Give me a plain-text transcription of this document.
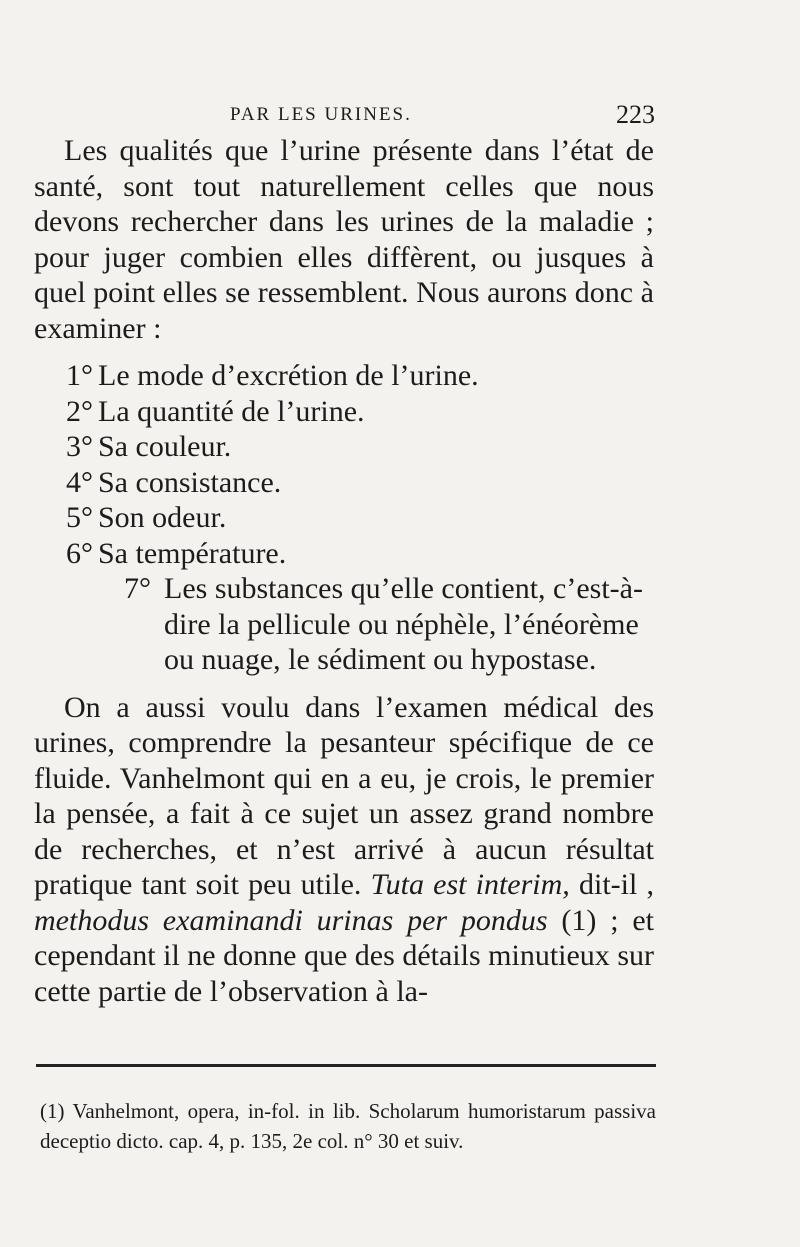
PAR LES URINES.	223

Les qualités que l’urine présente dans l’état de santé, sont tout naturellement celles que nous devons rechercher dans les urines de la maladie ; pour juger combien elles diffèrent, ou jusques à quel point elles se ressemblent. Nous aurons donc à examiner :

1° Le mode d’excrétion de l’urine.
2° La quantité de l’urine.
3° Sa couleur.
4° Sa consistance.
5° Son odeur.
6° Sa température.
7° Les substances qu’elle contient, c’est-à-dire la pellicule ou néphèle, l’énéorème ou nuage, le sédiment ou hypostase.

On a aussi voulu dans l’examen médical des urines, comprendre la pesanteur spécifique de ce fluide. Vanhelmont qui en a eu, je crois, le premier la pensée, a fait à ce sujet un assez grand nombre de recherches, et n’est arrivé à aucun résultat pratique tant soit peu utile. Tuta est interim, dit-il , methodus examinandi urinas per pondus (1) ; et cependant il ne donne que des détails minutieux sur cette partie de l’observation à la-

(1) Vanhelmont, opera, in-fol. in lib. Scholarum humoristarum passiva deceptio dicto. cap. 4, p. 135, 2e col. n° 30 et suiv.
